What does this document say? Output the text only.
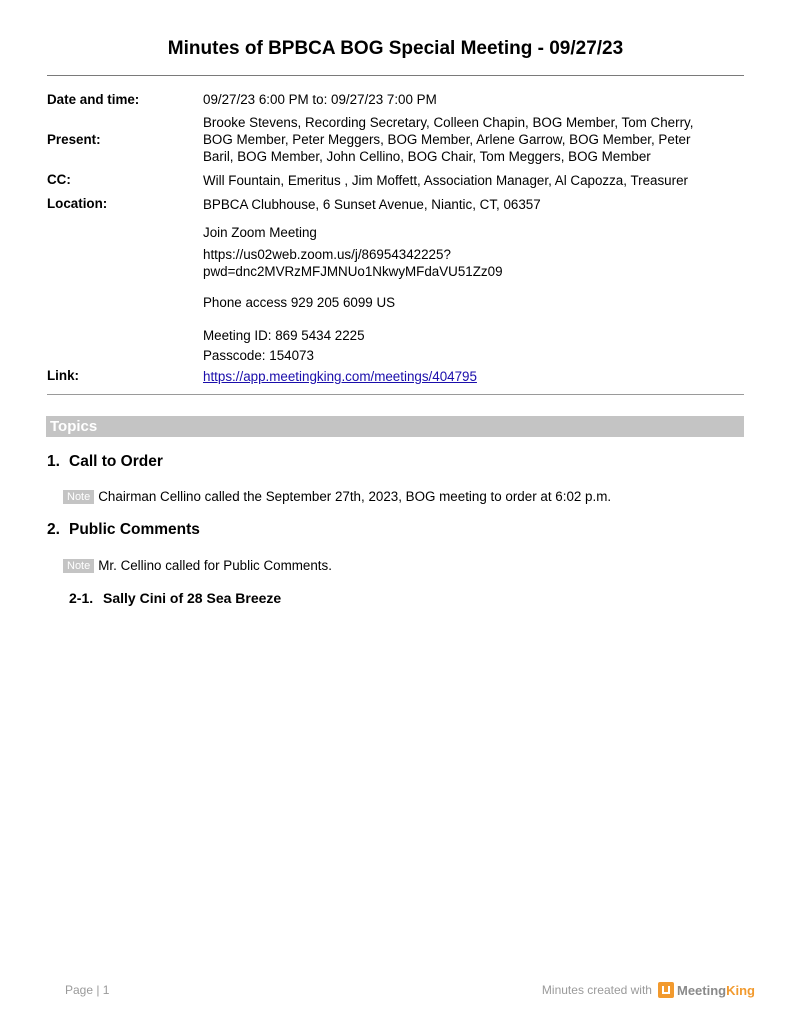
Minutes of BPBCA BOG Special Meeting - 09/27/23
Date and time:	09/27/23 6:00 PM to: 09/27/23 7:00 PM
Present:

Brooke Stevens, Recording Secretary, Colleen Chapin, BOG Member, Tom Cherry,

BOG Member, Peter Meggers, BOG Member, Arlene Garrow, BOG Member, Peter

Baril, BOG Member, John Cellino, BOG Chair, Tom Meggers, BOG Member

CC:	Will Fountain, Emeritus , Jim Moffett, Association Manager, Al Capozza, Treasurer
Location:	BPBCA Clubhouse, 6 Sunset Avenue, Niantic, CT, 06357

Join Zoom Meeting

https://us02web.zoom.us/j/86954342225?

pwd=dnc2MVRzMFJMNUo1NkwyMFdaVU51Zz09

Phone access 929 205 6099 US

Meeting ID: 869 5434 2225

Passcode: 154073

Link:	https://app.meetingking.com/meetings/404795
Topics
1. Call to Order
Note Chairman Cellino called the September 27th, 2023, BOG meeting to order at 6:02 p.m.
2. Public Comments
Note Mr. Cellino called for Public Comments.
2-1. Sally Cini of 28 Sea Breeze
Page | 1	Minutes created with MeetingKing
